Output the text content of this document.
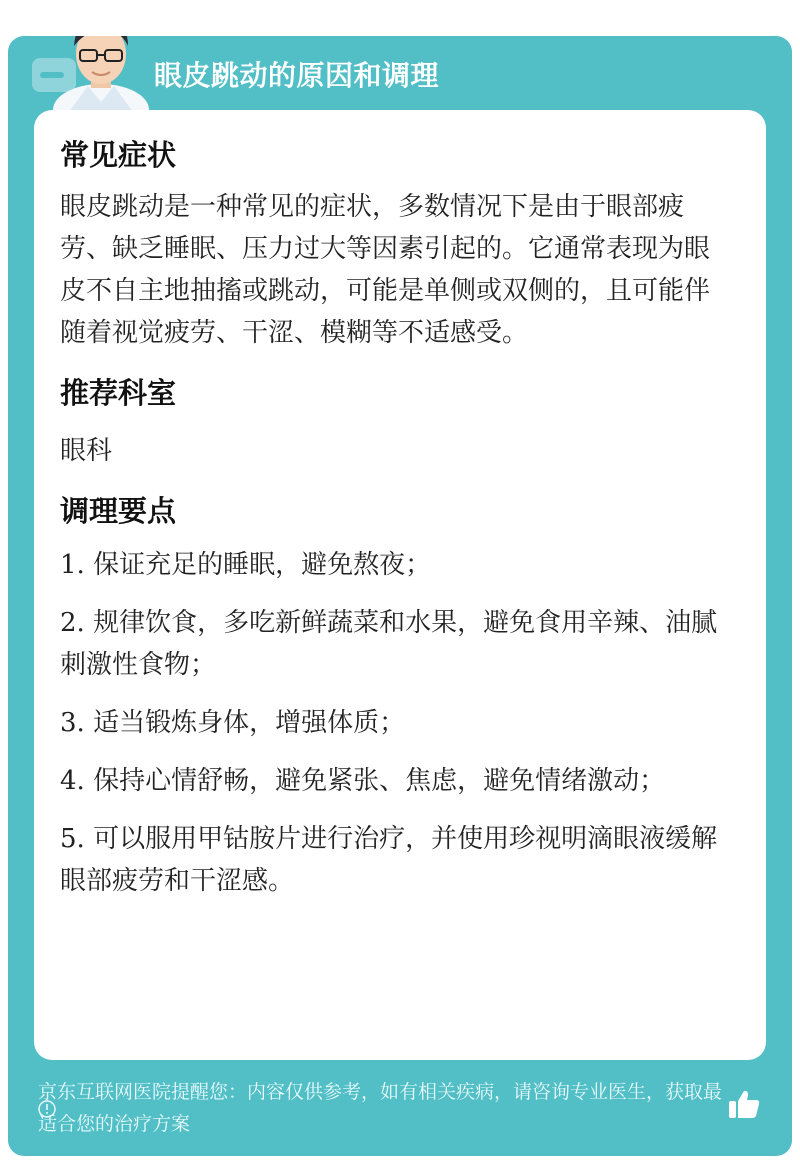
眼皮跳动的原因和调理
常见症状

眼皮跳动是一种常见的症状，多数情况下是由于眼部疲劳、缺乏睡眠、压力过大等因素引起的。它通常表现为眼皮不自主地抽搐或跳动，可能是单侧或双侧的，且可能伴随着视觉疲劳、干涩、模糊等不适感受。

推荐科室

眼科

调理要点
1. 保证充足的睡眠，避免熬夜；
2. 规律饮食，多吃新鲜蔬菜和水果，避免食用辛辣、油腻刺激性食物；
3. 适当锻炼身体，增强体质；
4. 保持心情舒畅，避免紧张、焦虑，避免情绪激动；
5. 可以服用甲钴胺片进行治疗，并使用珍视明滴眼液缓解眼部疲劳和干涩感。
京东互联网医院提醒您：内容仅供参考，如有相关疾病，请咨询专业医生，获取最适合您的治疗方案
